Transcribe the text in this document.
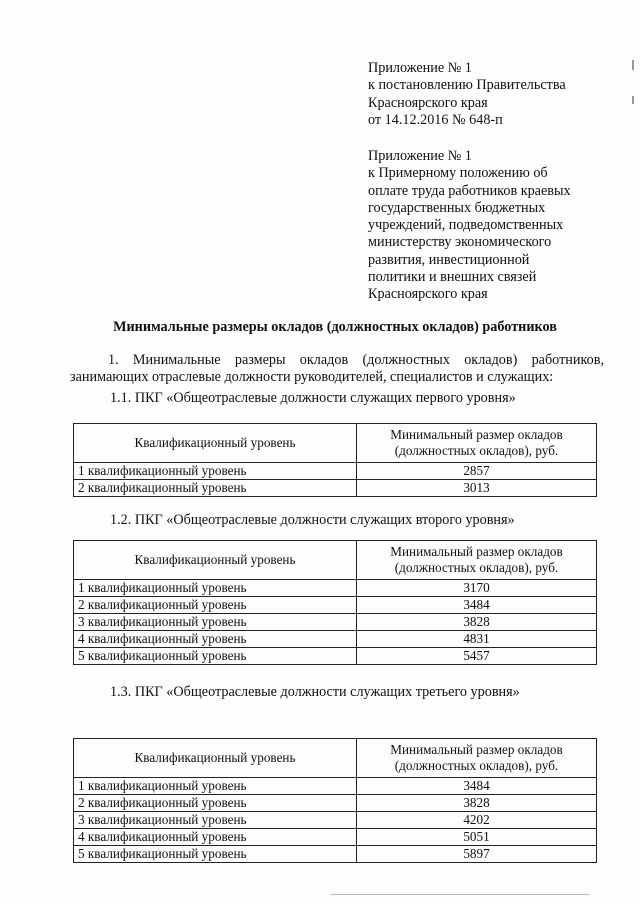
Приложение № 1
к постановлению Правительства
Красноярского края
от 14.12.2016 № 648-п
Приложение № 1
к Примерному положению об
оплате труда работников краевых
государственных бюджетных
учреждений, подведомственных
министерству экономического
развития, инвестиционной
политики и внешних связей
Красноярского края
Минимальные размеры окладов (должностных окладов) работников
1. Минимальные размеры окладов (должностных окладов) работников, занимающих отраслевые должности руководителей, специалистов и служащих:
1.1. ПКГ «Общеотраслевые должности служащих первого уровня»
Квалификационный уровень	Минимальный размер окладов
(должностных окладов), руб.
1 квалификационный уровень	2857
2 квалификационный уровень	3013
1.2. ПКГ «Общеотраслевые должности служащих второго уровня»
Квалификационный уровень	Минимальный размер окладов
(должностных окладов), руб.
1 квалификационный уровень	3170
2 квалификационный уровень	3484
3 квалификационный уровень	3828
4 квалификационный уровень	4831
5 квалификационный уровень	5457
1.3. ПКГ «Общеотраслевые должности служащих третьего уровня»
Квалификационный уровень	Минимальный размер окладов
(должностных окладов), руб.
1 квалификационный уровень	3484
2 квалификационный уровень	3828
3 квалификационный уровень	4202
4 квалификационный уровень	5051
5 квалификационный уровень	5897
